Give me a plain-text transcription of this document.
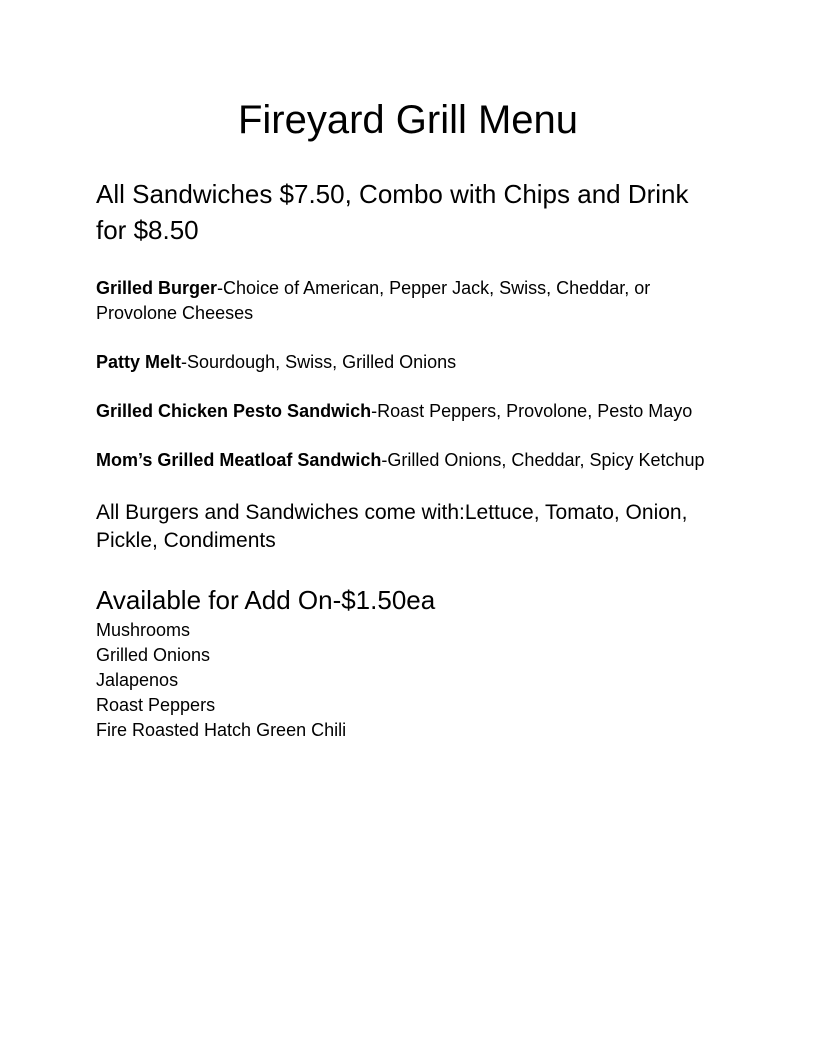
Fireyard Grill Menu

All Sandwiches $7.50, Combo with Chips and Drink for $8.50

Grilled Burger-Choice of American, Pepper Jack, Swiss, Cheddar, or Provolone Cheeses

Patty Melt-Sourdough, Swiss, Grilled Onions

Grilled Chicken Pesto Sandwich-Roast Peppers, Provolone, Pesto Mayo

Mom’s Grilled Meatloaf Sandwich-Grilled Onions, Cheddar, Spicy Ketchup

All Burgers and Sandwiches come with:Lettuce, Tomato, Onion, Pickle, Condiments

Available for Add On-$1.50ea
Mushrooms
Grilled Onions
Jalapenos
Roast Peppers
Fire Roasted Hatch Green Chili
